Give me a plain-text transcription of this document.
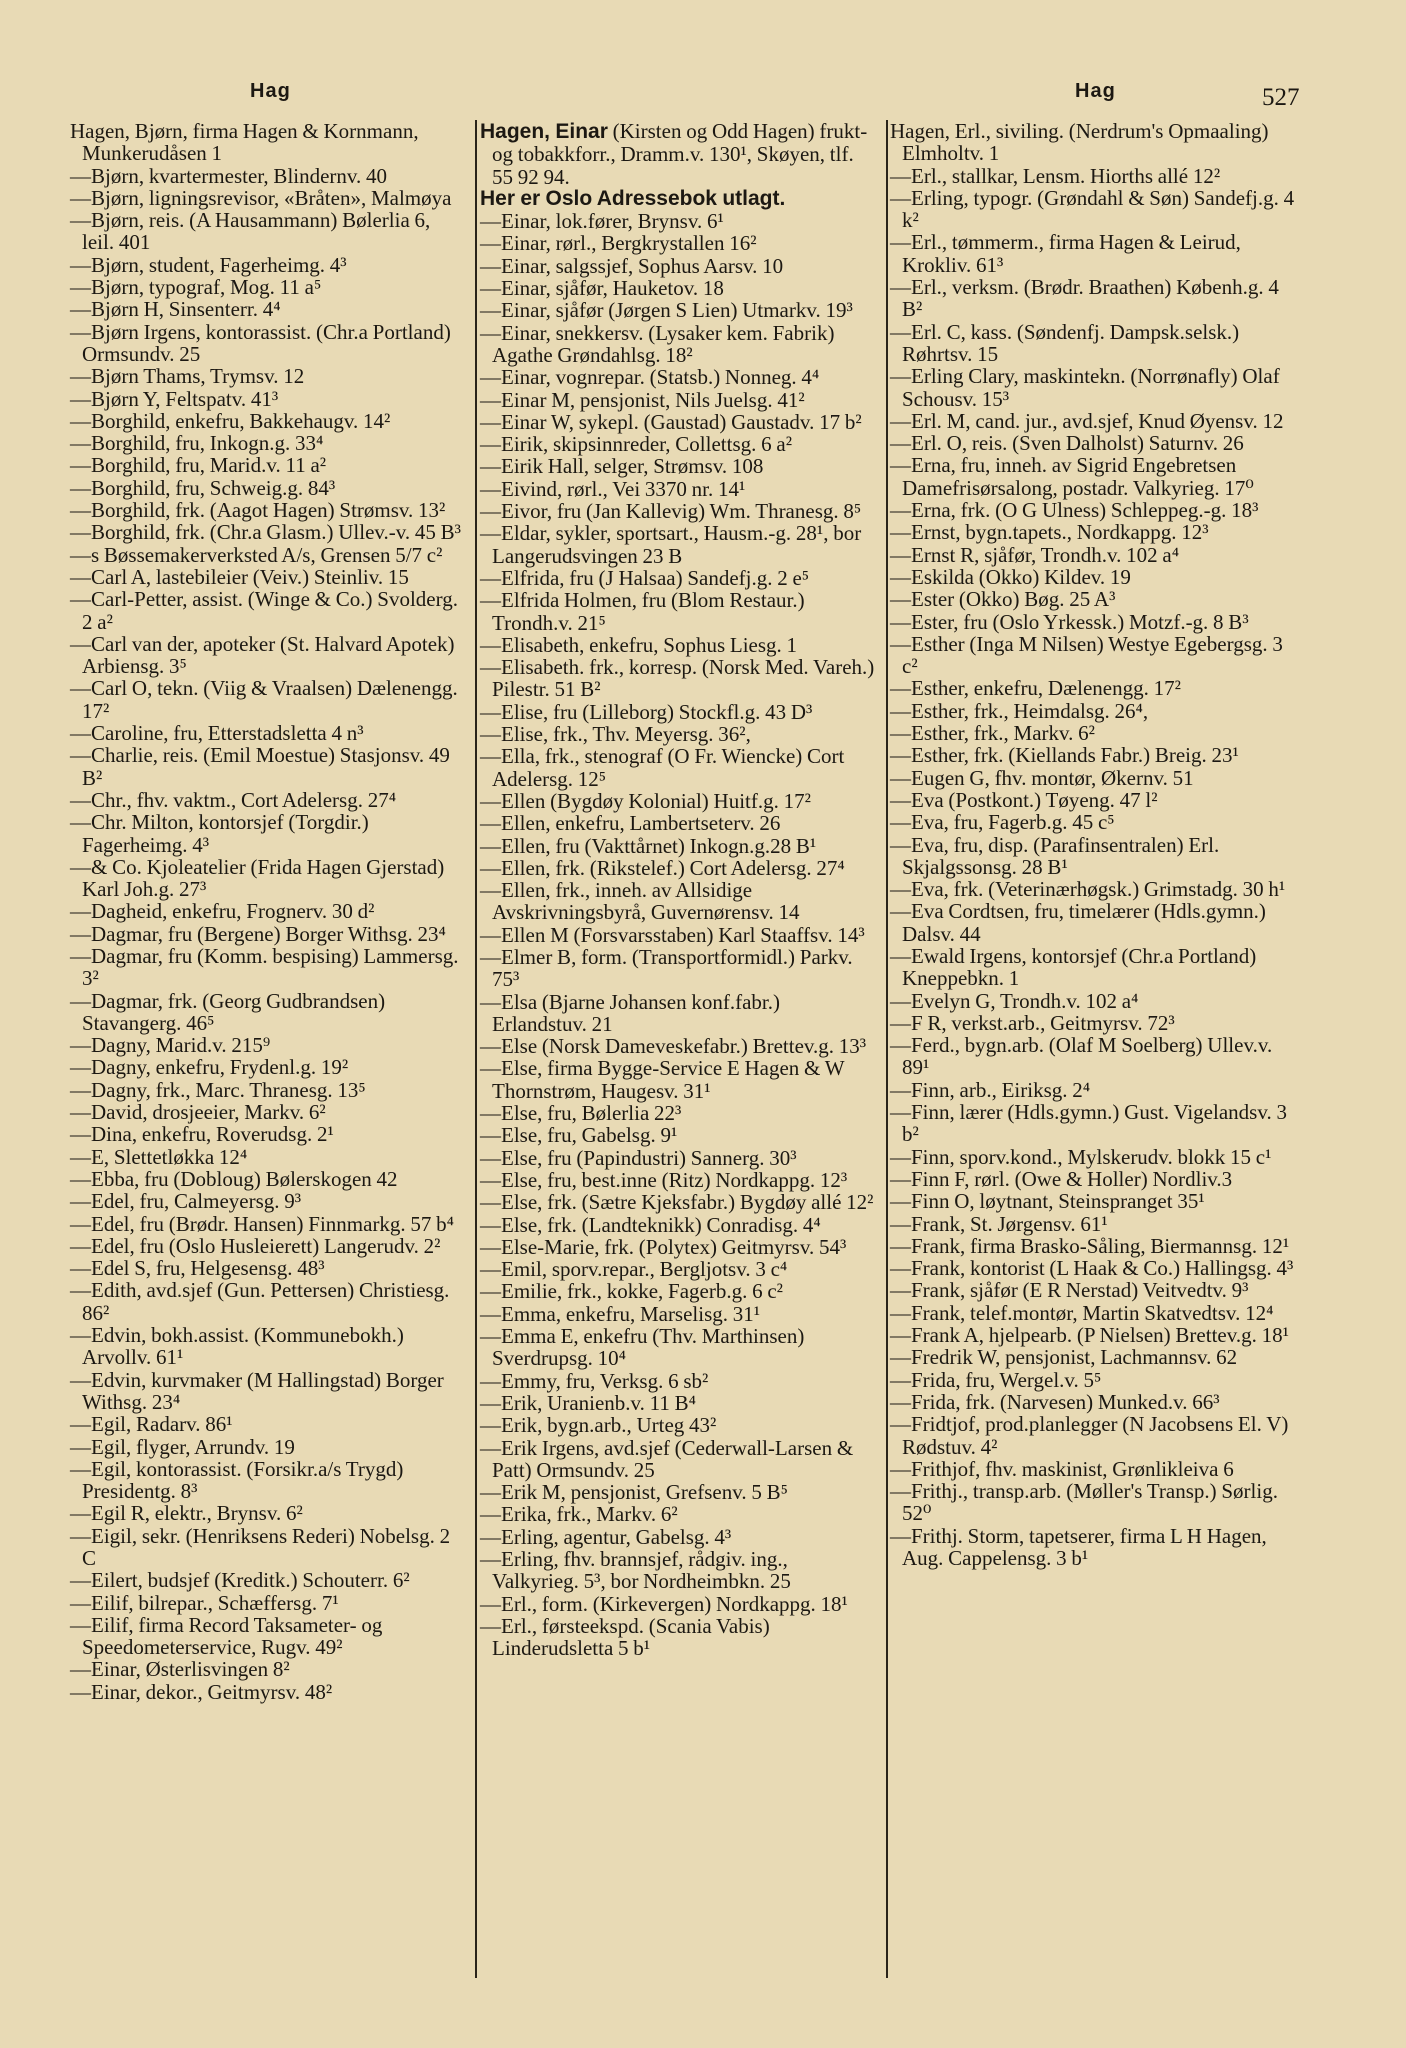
Hag	Hag	527

Hagen, Bjørn, firma Hagen & Kornmann, Munkerudåsen 1

—Bjørn, kvartermester, Blindernv. 40

—Bjørn, ligningsrevisor, «Bråten», Malmøya

—Bjørn, reis. (A Hausammann) Bølerlia 6, leil. 401

—Bjørn, student, Fagerheimg. 4³

—Bjørn, typograf, Mog. 11 a⁵

—Bjørn H, Sinsenterr. 4⁴

—Bjørn Irgens, kontorassist. (Chr.a Portland) Ormsundv. 25

—Bjørn Thams, Trymsv. 12

—Bjørn Y, Feltspatv. 41³

—Borghild, enkefru, Bakkehaugv. 14²

—Borghild, fru, Inkogn.g. 33⁴

—Borghild, fru, Marid.v. 11 a²

—Borghild, fru, Schweig.g. 84³

—Borghild, frk. (Aagot Hagen) Strømsv. 13²

—Borghild, frk. (Chr.a Glasm.) Ullev.-v. 45 B³

—s Bøssemakerverksted A/s, Grensen 5/7 c²

—Carl A, lastebileier (Veiv.) Steinliv. 15

—Carl-Petter, assist. (Winge & Co.) Svolderg. 2 a²

—Carl van der, apoteker (St. Halvard Apotek) Arbiensg. 3⁵

—Carl O, tekn. (Viig & Vraalsen) Dælenengg. 17²

—Caroline, fru, Etterstadsletta 4 n³

—Charlie, reis. (Emil Moestue) Stasjonsv. 49 B²

—Chr., fhv. vaktm., Cort Adelersg. 27⁴

—Chr. Milton, kontorsjef (Torgdir.) Fagerheimg. 4³

—& Co. Kjoleatelier (Frida Hagen Gjerstad) Karl Joh.g. 27³

—Dagheid, enkefru, Frognerv. 30 d²

—Dagmar, fru (Bergene) Borger Withsg. 23⁴

—Dagmar, fru (Komm. bespising) Lammersg. 3²

—Dagmar, frk. (Georg Gudbrandsen) Stavangerg. 46⁵

—Dagny, Marid.v. 215⁹

—Dagny, enkefru, Frydenl.g. 19²

—Dagny, frk., Marc. Thranesg. 13⁵

—David, drosjeeier, Markv. 6²

—Dina, enkefru, Roverudsg. 2¹

—E, Slettetløkka 12⁴

—Ebba, fru (Dobloug) Bølerskogen 42

—Edel, fru, Calmeyersg. 9³

—Edel, fru (Brødr. Hansen) Finnmarkg. 57 b⁴

—Edel, fru (Oslo Husleierett) Langerudv. 2²

—Edel S, fru, Helgesensg. 48³

—Edith, avd.sjef (Gun. Pettersen) Christiesg. 86²

—Edvin, bokh.assist. (Kommunebokh.) Arvollv. 61¹

—Edvin, kurvmaker (M Hallingstad) Borger Withsg. 23⁴

—Egil, Radarv. 86¹

—Egil, flyger, Arrundv. 19

—Egil, kontorassist. (Forsikr.a/s Trygd) Presidentg. 8³

—Egil R, elektr., Brynsv. 6²

—Eigil, sekr. (Henriksens Rederi) Nobelsg. 2 C

—Eilert, budsjef (Kreditk.) Schouterr. 6²

—Eilif, bilrepar., Schæffersg. 7¹

—Eilif, firma Record Taksameter- og Speedometerservice, Rugv. 49²

—Einar, Østerlisvingen 8²

—Einar, dekor., Geitmyrsv. 48²

Hagen, Einar (Kirsten og Odd Hagen) frukt- og tobakkforr., Dramm.v. 130¹, Skøyen, tlf. 55 92 94.

Her er Oslo Adressebok utlagt.

—Einar, lok.fører, Brynsv. 6¹

—Einar, rørl., Bergkrystallen 16²

—Einar, salgssjef, Sophus Aarsv. 10

—Einar, sjåfør, Hauketov. 18

—Einar, sjåfør (Jørgen S Lien) Utmarkv. 19³

—Einar, snekkersv. (Lysaker kem. Fabrik) Agathe Grøndahlsg. 18²

—Einar, vognrepar. (Statsb.) Nonneg. 4⁴

—Einar M, pensjonist, Nils Juelsg. 41²

—Einar W, sykepl. (Gaustad) Gaustadv. 17 b²

—Eirik, skipsinnreder, Collettsg. 6 a²

—Eirik Hall, selger, Strømsv. 108

—Eivind, rørl., Vei 3370 nr. 14¹

—Eivor, fru (Jan Kallevig) Wm. Thranesg. 8⁵

—Eldar, sykler, sportsart., Hausm.-g. 28¹, bor Langerudsvingen 23 B

—Elfrida, fru (J Halsaa) Sandefj.g. 2 e⁵

—Elfrida Holmen, fru (Blom Restaur.) Trondh.v. 21⁵

—Elisabeth, enkefru, Sophus Liesg. 1

—Elisabeth. frk., korresp. (Norsk Med. Vareh.) Pilestr. 51 B²

—Elise, fru (Lilleborg) Stockfl.g. 43 D³

—Elise, frk., Thv. Meyersg. 36²,

—Ella, frk., stenograf (O Fr. Wiencke) Cort Adelersg. 12⁵

—Ellen (Bygdøy Kolonial) Huitf.g. 17²

—Ellen, enkefru, Lambertseterv. 26

—Ellen, fru (Vakttårnet) Inkogn.g.28 B¹

—Ellen, frk. (Rikstelef.) Cort Adelersg. 27⁴

—Ellen, frk., inneh. av Allsidige Avskrivningsbyrå, Guvernørensv. 14

—Ellen M (Forsvarsstaben) Karl Staaffsv. 14³

—Elmer B, form. (Transportformidl.) Parkv. 75³

—Elsa (Bjarne Johansen konf.fabr.) Erlandstuv. 21

—Else (Norsk Dameveskefabr.) Brettev.g. 13³

—Else, firma Bygge-Service E Hagen & W Thornstrøm, Haugesv. 31¹

—Else, fru, Bølerlia 22³

—Else, fru, Gabelsg. 9¹

—Else, fru (Papindustri) Sannerg. 30³

—Else, fru, best.inne (Ritz) Nordkappg. 12³

—Else, frk. (Sætre Kjeksfabr.) Bygdøy allé 12²

—Else, frk. (Landteknikk) Conradisg. 4⁴

—Else-Marie, frk. (Polytex) Geitmyrsv. 54³

—Emil, sporv.repar., Bergljotsv. 3 c⁴

—Emilie, frk., kokke, Fagerb.g. 6 c²

—Emma, enkefru, Marselisg. 31¹

—Emma E, enkefru (Thv. Marthinsen) Sverdrupsg. 10⁴

—Emmy, fru, Verksg. 6 sb²

—Erik, Uranienb.v. 11 B⁴

—Erik, bygn.arb., Urteg 43²

—Erik Irgens, avd.sjef (Cederwall-Larsen & Patt) Ormsundv. 25

—Erik M, pensjonist, Grefsenv. 5 B⁵

—Erika, frk., Markv. 6²

—Erling, agentur, Gabelsg. 4³

—Erling, fhv. brannsjef, rådgiv. ing., Valkyrieg. 5³, bor Nordheimbkn. 25

—Erl., form. (Kirkevergen) Nordkappg. 18¹

—Erl., førsteekspd. (Scania Vabis) Linderudsletta 5 b¹

Hagen, Erl., siviling. (Nerdrum's Opmaaling) Elmholtv. 1

—Erl., stallkar, Lensm. Hiorths allé 12²

—Erling, typogr. (Grøndahl & Søn) Sandefj.g. 4 k²

—Erl., tømmerm., firma Hagen & Leirud, Krokliv. 61³

—Erl., verksm. (Brødr. Braathen) Københ.g. 4 B²

—Erl. C, kass. (Søndenfj. Dampsk.selsk.) Røhrtsv. 15

—Erling Clary, maskintekn. (Norrønafly) Olaf Schousv. 15³

—Erl. M, cand. jur., avd.sjef, Knud Øyensv. 12

—Erl. O, reis. (Sven Dalholst) Saturnv. 26

—Erna, fru, inneh. av Sigrid Engebretsen Damefrisørsalong, postadr. Valkyrieg. 17⁰

—Erna, frk. (O G Ulness) Schleppeg.-g. 18³

—Ernst, bygn.tapets., Nordkappg. 12³

—Ernst R, sjåfør, Trondh.v. 102 a⁴

—Eskilda (Okko) Kildev. 19

—Ester (Okko) Bøg. 25 A³

—Ester, fru (Oslo Yrkessk.) Motzf.-g. 8 B³

—Esther (Inga M Nilsen) Westye Egebergsg. 3 c²

—Esther, enkefru, Dælenengg. 17²

—Esther, frk., Heimdalsg. 26⁴,

—Esther, frk., Markv. 6²

—Esther, frk. (Kiellands Fabr.) Breig. 23¹

—Eugen G, fhv. montør, Økernv. 51

—Eva (Postkont.) Tøyeng. 47 l²

—Eva, fru, Fagerb.g. 45 c⁵

—Eva, fru, disp. (Parafinsentralen) Erl. Skjalgssonsg. 28 B¹

—Eva, frk. (Veterinærhøgsk.) Grimstadg. 30 h¹

—Eva Cordtsen, fru, timelærer (Hdls.gymn.) Dalsv. 44

—Ewald Irgens, kontorsjef (Chr.a Portland) Kneppebkn. 1

—Evelyn G, Trondh.v. 102 a⁴

—F R, verkst.arb., Geitmyrsv. 72³

—Ferd., bygn.arb. (Olaf M Soelberg) Ullev.v. 89¹

—Finn, arb., Eiriksg. 2⁴

—Finn, lærer (Hdls.gymn.) Gust. Vigelandsv. 3 b²

—Finn, sporv.kond., Mylskerudv. blokk 15 c¹

—Finn F, rørl. (Owe & Holler) Nordliv.3

—Finn O, løytnant, Steinspranget 35¹

—Frank, St. Jørgensv. 61¹

—Frank, firma Brasko-Såling, Biermannsg. 12¹

—Frank, kontorist (L Haak & Co.) Hallingsg. 4³

—Frank, sjåfør (E R Nerstad) Veitvedtv. 9³

—Frank, telef.montør, Martin Skatvedtsv. 12⁴

—Frank A, hjelpearb. (P Nielsen) Brettev.g. 18¹

—Fredrik W, pensjonist, Lachmannsv. 62

—Frida, fru, Wergel.v. 5⁵

—Frida, frk. (Narvesen) Munked.v. 66³

—Fridtjof, prod.planlegger (N Jacobsens El. V) Rødstuv. 4²

—Frithjof, fhv. maskinist, Grønlikleiva 6

—Frithj., transp.arb. (Møller's Transp.) Sørlig. 52⁰

—Frithj. Storm, tapetserer, firma L H Hagen, Aug. Cappelensg. 3 b¹
